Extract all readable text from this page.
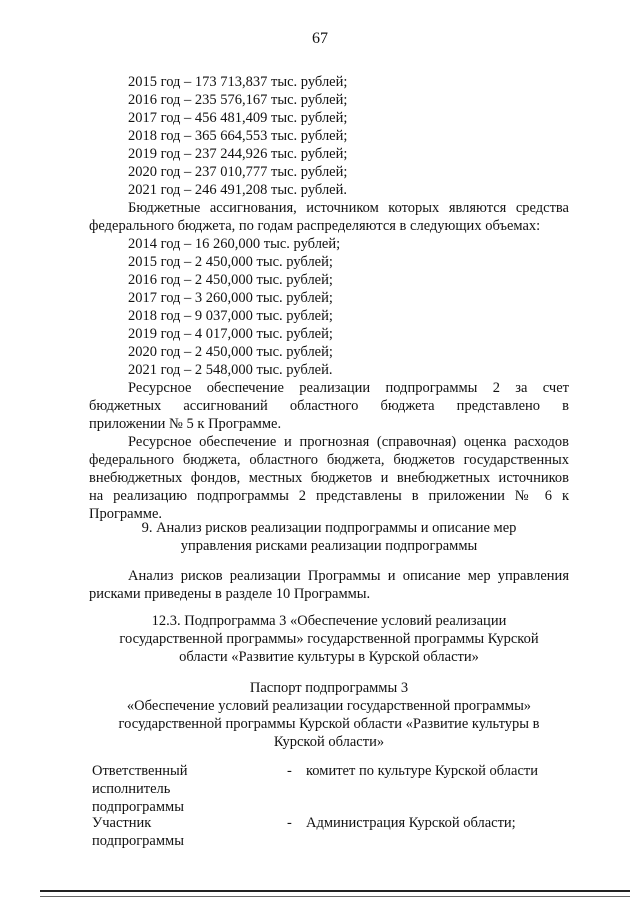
67
2015 год – 173 713,837 тыс. рублей;
2016 год – 235 576,167 тыс. рублей;
2017 год – 456 481,409 тыс. рублей;
2018 год – 365 664,553 тыс. рублей;
2019 год – 237 244,926 тыс. рублей;
2020 год – 237 010,777 тыс. рублей;
2021 год – 246 491,208 тыс. рублей.
Бюджетные ассигнования, источником которых являются средства
федерального бюджета, по годам распределяются в следующих объемах:
2014 год – 16 260,000 тыс. рублей;
2015 год – 2 450,000 тыс. рублей;
2016 год – 2 450,000 тыс. рублей;
2017 год – 3 260,000 тыс. рублей;
2018 год – 9 037,000 тыс. рублей;
2019 год – 4 017,000 тыс. рублей;
2020 год – 2 450,000 тыс. рублей;
2021 год – 2 548,000 тыс. рублей.
Ресурсное обеспечение реализации подпрограммы 2 за счет
бюджетных ассигнований областного бюджета представлено в
приложении № 5 к Программе.
Ресурсное обеспечение и прогнозная (справочная) оценка расходов
федерального бюджета, областного бюджета, бюджетов государственных
внебюджетных фондов, местных бюджетов и внебюджетных источников
на реализацию подпрограммы 2 представлены в приложении № 6 к
Программе.
9. Анализ рисков реализации подпрограммы и описание мер
управления рисками реализации подпрограммы
Анализ рисков реализации Программы и описание мер управления
рисками приведены в разделе 10 Программы.
12.3. Подпрограмма 3 «Обеспечение условий реализации
государственной программы» государственной программы Курской
области «Развитие культуры в Курской области»
Паспорт подпрограммы 3
«Обеспечение условий реализации государственной программы»
государственной программы Курской области «Развитие культуры в
Курской области»
Ответственный
исполнитель
подпрограммы
- комитет по культуре Курской области
Участник
подпрограммы
- Администрация Курской области;
